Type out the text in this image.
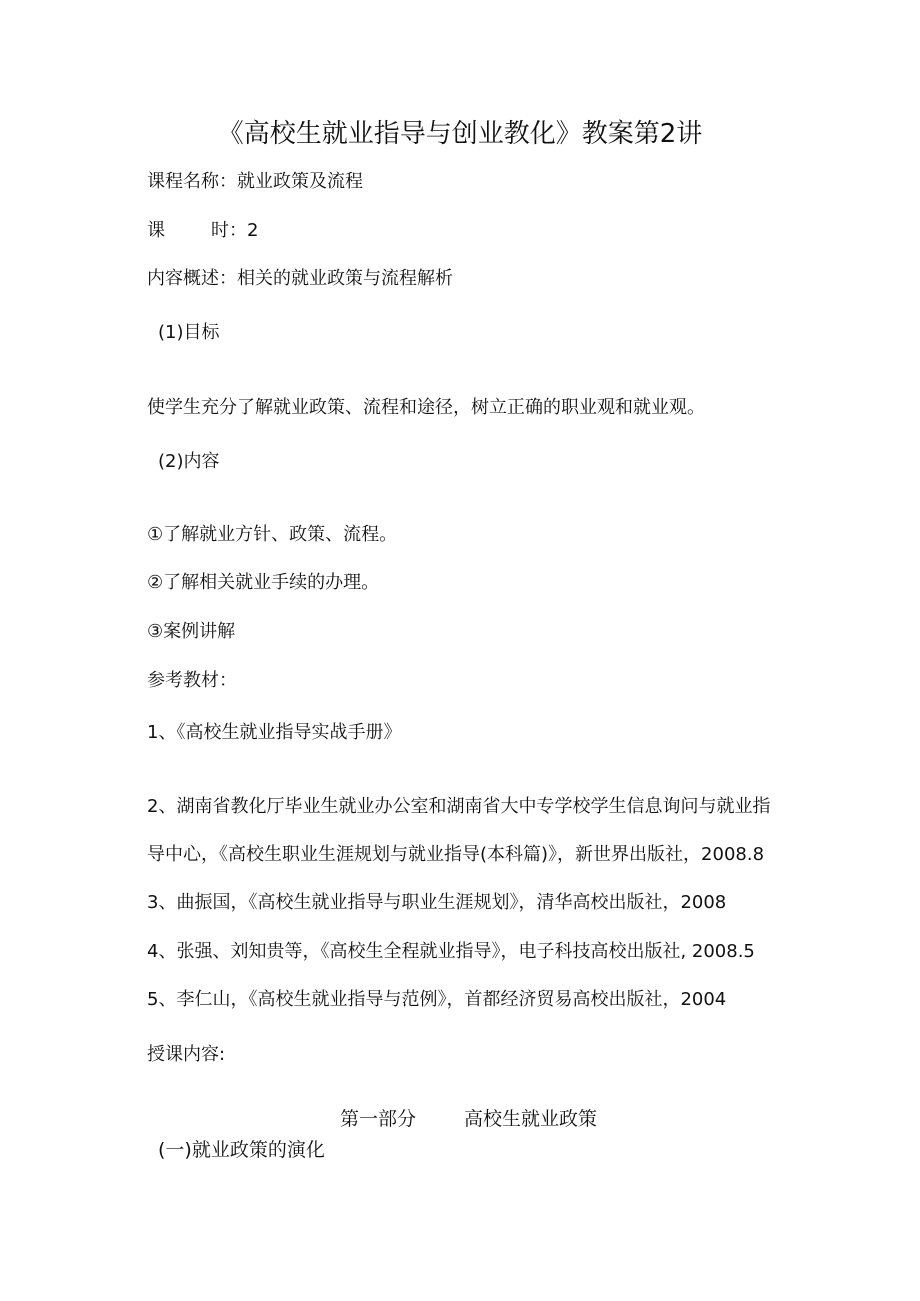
《高校生就业指导与创业教化》教案第2讲
课程名称：就业政策及流程
课	时：2
内容概述：相关的就业政策与流程解析
(1)目标
使学生充分了解就业政策、流程和途径，树立正确的职业观和就业观。
(2)内容
①了解就业方针、政策、流程。
②了解相关就业手续的办理。
③案例讲解
参考教材：
1、《高校生就业指导实战手册》
2、湖南省教化厅毕业生就业办公室和湖南省大中专学校学生信息询问与就业指
导中心，《高校生职业生涯规划与就业指导(本科篇)》，新世界出版社，2008.8
3、曲振国，《高校生就业指导与职业生涯规划》，清华高校出版社，2008
4、张强、刘知贵等，《高校生全程就业指导》，电子科技高校出版社, 2008.5
5、李仁山，《高校生就业指导与范例》，首都经济贸易高校出版社，2004
授课内容:
第一部分	高校生就业政策
(一)就业政策的演化
